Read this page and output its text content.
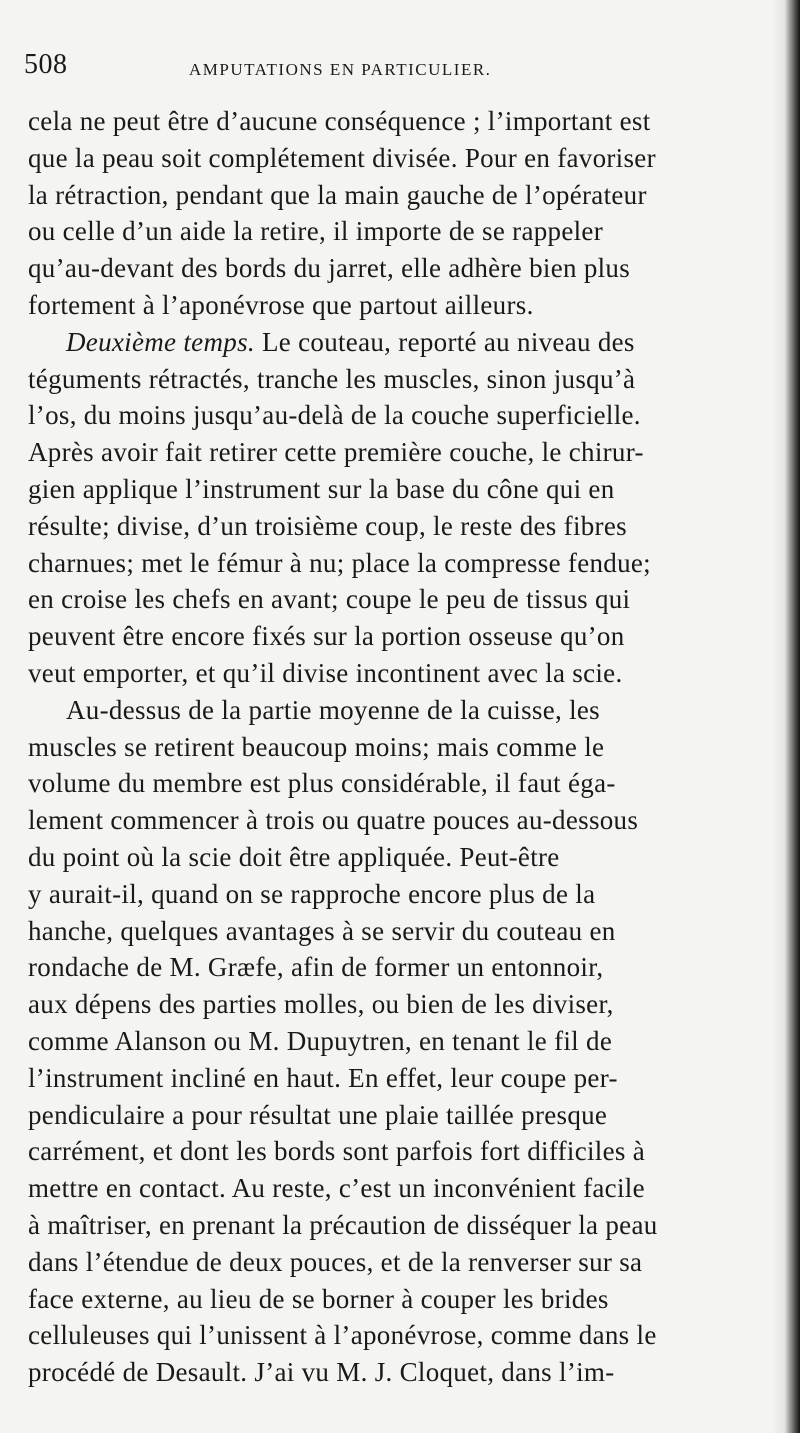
508	AMPUTATIONS EN PARTICULIER.
cela ne peut être d’aucune conséquence ; l’important est
que la peau soit complétement divisée. Pour en favoriser
la rétraction, pendant que la main gauche de l’opérateur
ou celle d’un aide la retire, il importe de se rappeler
qu’au-devant des bords du jarret, elle adhère bien plus
fortement à l’aponévrose que partout ailleurs.
Deuxième temps. Le couteau, reporté au niveau des
téguments rétractés, tranche les muscles, sinon jusqu’à
l’os, du moins jusqu’au-delà de la couche superficielle.
Après avoir fait retirer cette première couche, le chirur-
gien applique l’instrument sur la base du cône qui en
résulte; divise, d’un troisième coup, le reste des fibres
charnues; met le fémur à nu; place la compresse fendue;
en croise les chefs en avant; coupe le peu de tissus qui
peuvent être encore fixés sur la portion osseuse qu’on
veut emporter, et qu’il divise incontinent avec la scie.
Au-dessus de la partie moyenne de la cuisse, les
muscles se retirent beaucoup moins; mais comme le
volume du membre est plus considérable, il faut éga-
lement commencer à trois ou quatre pouces au-dessous
du point où la scie doit être appliquée. Peut-être
y aurait-il, quand on se rapproche encore plus de la
hanche, quelques avantages à se servir du couteau en
rondache de M. Græfe, afin de former un entonnoir,
aux dépens des parties molles, ou bien de les diviser,
comme Alanson ou M. Dupuytren, en tenant le fil de
l’instrument incliné en haut. En effet, leur coupe per-
pendiculaire a pour résultat une plaie taillée presque
carrément, et dont les bords sont parfois fort difficiles à
mettre en contact. Au reste, c’est un inconvénient facile
à maîtriser, en prenant la précaution de disséquer la peau
dans l’étendue de deux pouces, et de la renverser sur sa
face externe, au lieu de se borner à couper les brides
celluleuses qui l’unissent à l’aponévrose, comme dans le
procédé de Desault. J’ai vu M. J. Cloquet, dans l’im-
